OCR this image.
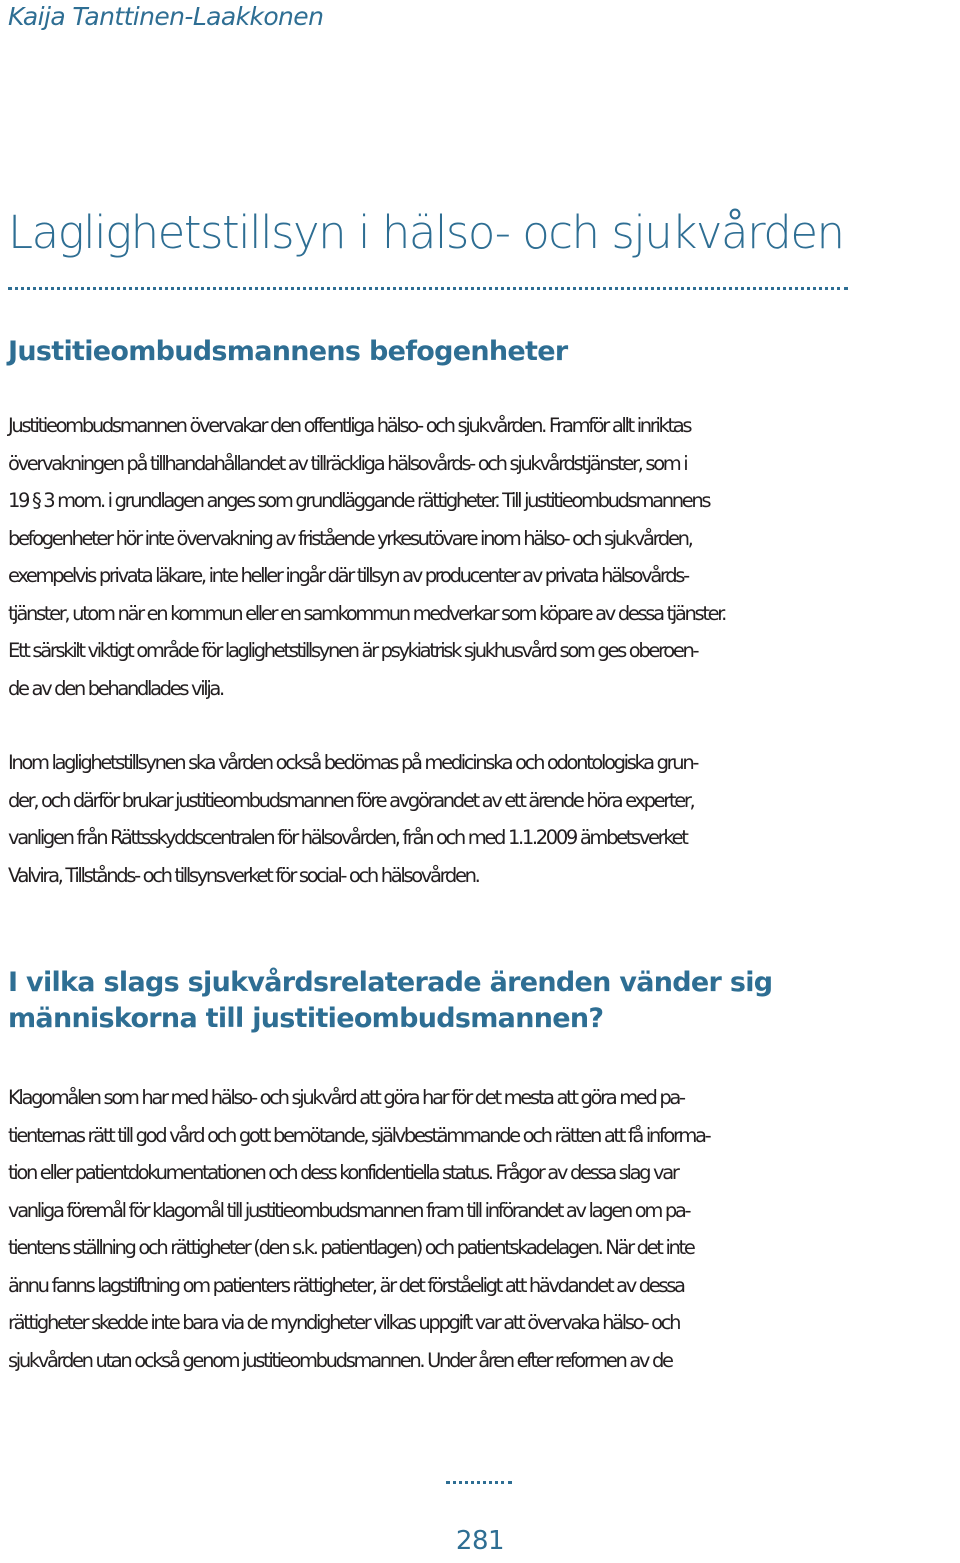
Kaija Tanttinen-Laakkonen
Laglighetstillsyn i hälso- och sjukvården
Justitieombudsmannens befogenheter
Justitieombudsmannen övervakar den offentliga hälso- och sjukvården. Framför allt inriktas
övervakningen på tillhandahållandet av tillräckliga hälsovårds- och sjukvårdstjänster, som i
19 § 3 mom. i grundlagen anges som grundläggande rättigheter. Till justitieombudsmannens
befogenheter hör inte övervakning av fristående yrkesutövare inom hälso- och sjukvården,
exempelvis privata läkare, inte heller ingår där tillsyn av producenter av privata hälsovårds-
tjänster, utom när en kommun eller en samkommun medverkar som köpare av dessa tjänster.
Ett särskilt viktigt område för laglighetstillsynen är psykiatrisk sjukhusvård som ges oberoen-
de av den behandlades vilja.
Inom laglighetstillsynen ska vården också bedömas på medicinska och odontologiska grun-
der, och därför brukar justitieombudsmannen före avgörandet av ett ärende höra experter,
vanligen från Rättsskyddscentralen för hälsovården, från och med 1.1.2009 ämbetsverket
Valvira, Tillstånds- och tillsynsverket för social- och hälsovården.
I vilka slags sjukvårdsrelaterade ärenden vänder sig
människorna till justitieombudsmannen?
Klagomålen som har med hälso- och sjukvård att göra har för det mesta att göra med pa-
tienternas rätt till god vård och gott bemötande, självbestämmande och rätten att få informa-
tion eller patientdokumentationen och dess konfidentiella status. Frågor av dessa slag var
vanliga föremål för klagomål till justitieombudsmannen fram till införandet av lagen om pa-
tientens ställning och rättigheter (den s.k. patientlagen) och patientskadelagen. När det inte
ännu fanns lagstiftning om patienters rättigheter, är det förståeligt att hävdandet av dessa
rättigheter skedde inte bara via de myndigheter vilkas uppgift var att övervaka hälso- och
sjukvården utan också genom justitieombudsmannen. Under åren efter reformen av de
281
